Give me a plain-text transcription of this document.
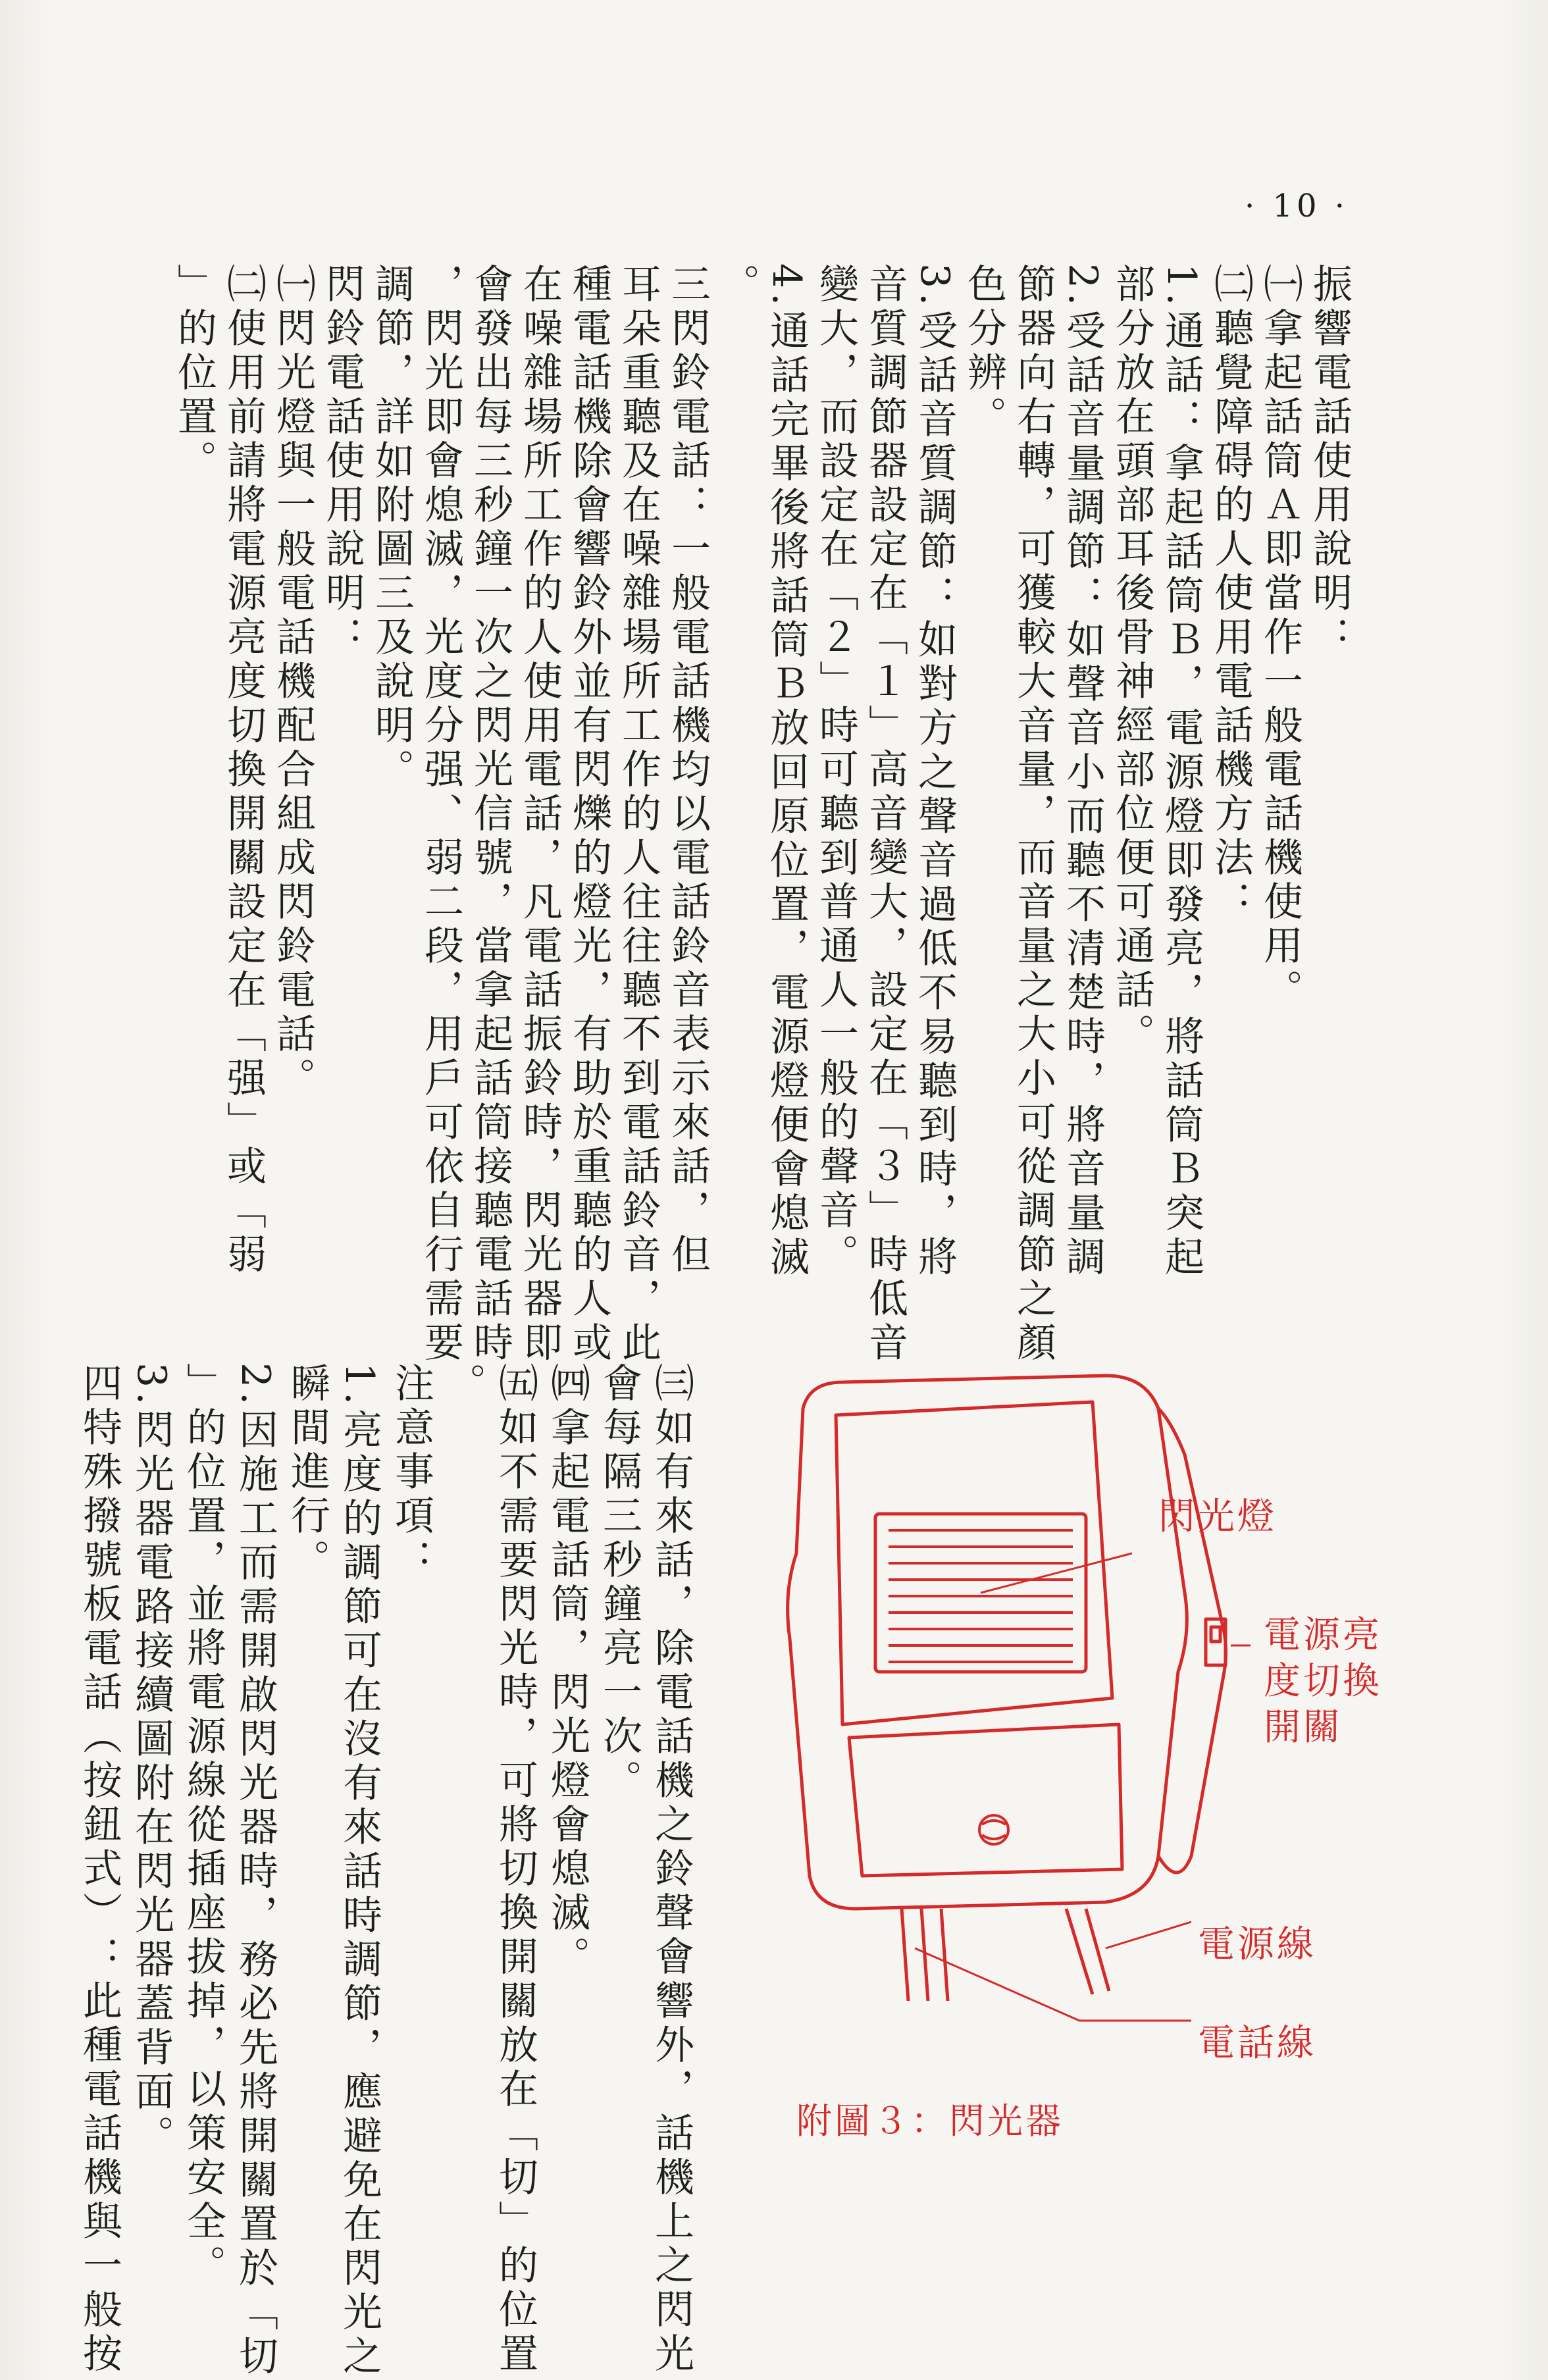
· 10 ·
振響電話使用說明：
㈠拿起話筒Ａ即當作一般電話機使用。
㈡聽覺障碍的人使用電話機方法：
1.通話：拿起話筒Ｂ，電源燈即發亮，將話筒Ｂ突起
部分放在頭部耳後骨神經部位便可通話。
2.受話音量調節：如聲音小而聽不清楚時，將音量調
節器向右轉，可獲較大音量，而音量之大小可從調節之顏
色分辨。
3.受話音質調節：如對方之聲音過低不易聽到時，將
音質調節器設定在「１」高音變大，設定在「３」時低音
變大，而設定在「２」時可聽到普通人一般的聲音。
4.通話完畢後將話筒Ｂ放回原位置，電源燈便會熄滅
。
三閃鈴電話：一般電話機均以電話鈴音表示來話，但
耳朵重聽及在噪雜場所工作的人往往聽不到電話鈴音，此
種電話機除會響鈴外並有閃爍的燈光，有助於重聽的人或
在噪雜場所工作的人使用電話，凡電話振鈴時，閃光器即
會發出每三秒鐘一次之閃光信號，當拿起話筒接聽電話時
，閃光即會熄滅，光度分强、弱二段，用戶可依自行需要
調節，詳如附圖三及說明。
閃鈴電話使用說明：
㈠閃光燈與一般電話機配合組成閃鈴電話。
㈡使用前請將電源亮度切換開關設定在「强」或「弱
」的位置。
㈢如有來話，除電話機之鈴聲會響外，話機上之閃光
會每隔三秒鐘亮一次。
㈣拿起電話筒，閃光燈會熄滅。
㈤如不需要閃光時，可將切換開關放在「切」的位置
。
注意事項：
1.亮度的調節可在沒有來話時調節，應避免在閃光之
瞬間進行。
2.因施工而需開啟閃光器時，務必先將開關置於「切
」的位置，並將電源線從插座拔掉，以策安全。
3.閃光器電路接續圖附在閃光器蓋背面。
四特殊撥號板電話（按鈕式）：此種電話機與一般按	閃光燈
電源亮
度切換
開關
電源線
電話線
附圖３：閃光器
